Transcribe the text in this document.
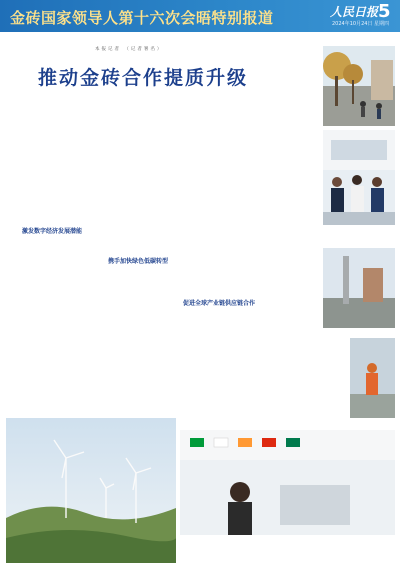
金砖国家领导人第十六次会晤特别报道	人民日报 5
2024年10月24日 星期四
本报记者 （记者署名）
推动金砖合作提质升级

激发数字经济发展潜能
携手加快绿色低碳转型
促进全球产业链供应链合作
